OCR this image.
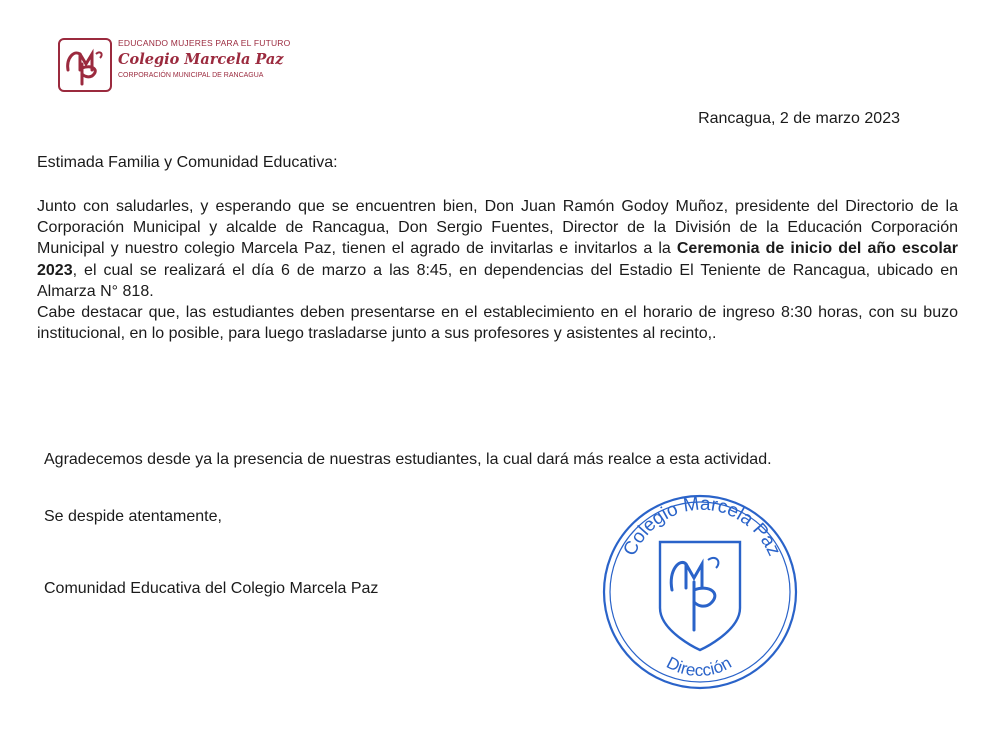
EDUCANDO MUJERES PARA EL FUTURO
Colegio Marcela Paz
CORPORACIÓN MUNICIPAL DE RANCAGUA
Rancagua, 2 de marzo 2023
Estimada Familia y Comunidad Educativa:

Junto con saludarles, y esperando que se encuentren bien, Don Juan Ramón Godoy Muñoz, presidente del Directorio de la Corporación Municipal y alcalde de Rancagua, Don Sergio Fuentes, Director de la División de la Educación Corporación Municipal y nuestro colegio Marcela Paz, tienen el agrado de invitarlas e invitarlos a la Ceremonia de inicio del año escolar 2023, el cual se realizará el día 6 de marzo a las 8:45, en dependencias del Estadio El Teniente de Rancagua, ubicado en Almarza N° 818.

Cabe destacar que, las estudiantes deben presentarse en el establecimiento en el horario de ingreso 8:30 horas, con su buzo institucional, en lo posible, para luego trasladarse junto a sus profesores y asistentes al recinto,.

Agradecemos desde ya la presencia de nuestras estudiantes, la cual dará más realce a esta actividad.
Se despide atentamente,
Comunidad Educativa del Colegio Marcela Paz
Colegio Marcela Paz
Dirección
